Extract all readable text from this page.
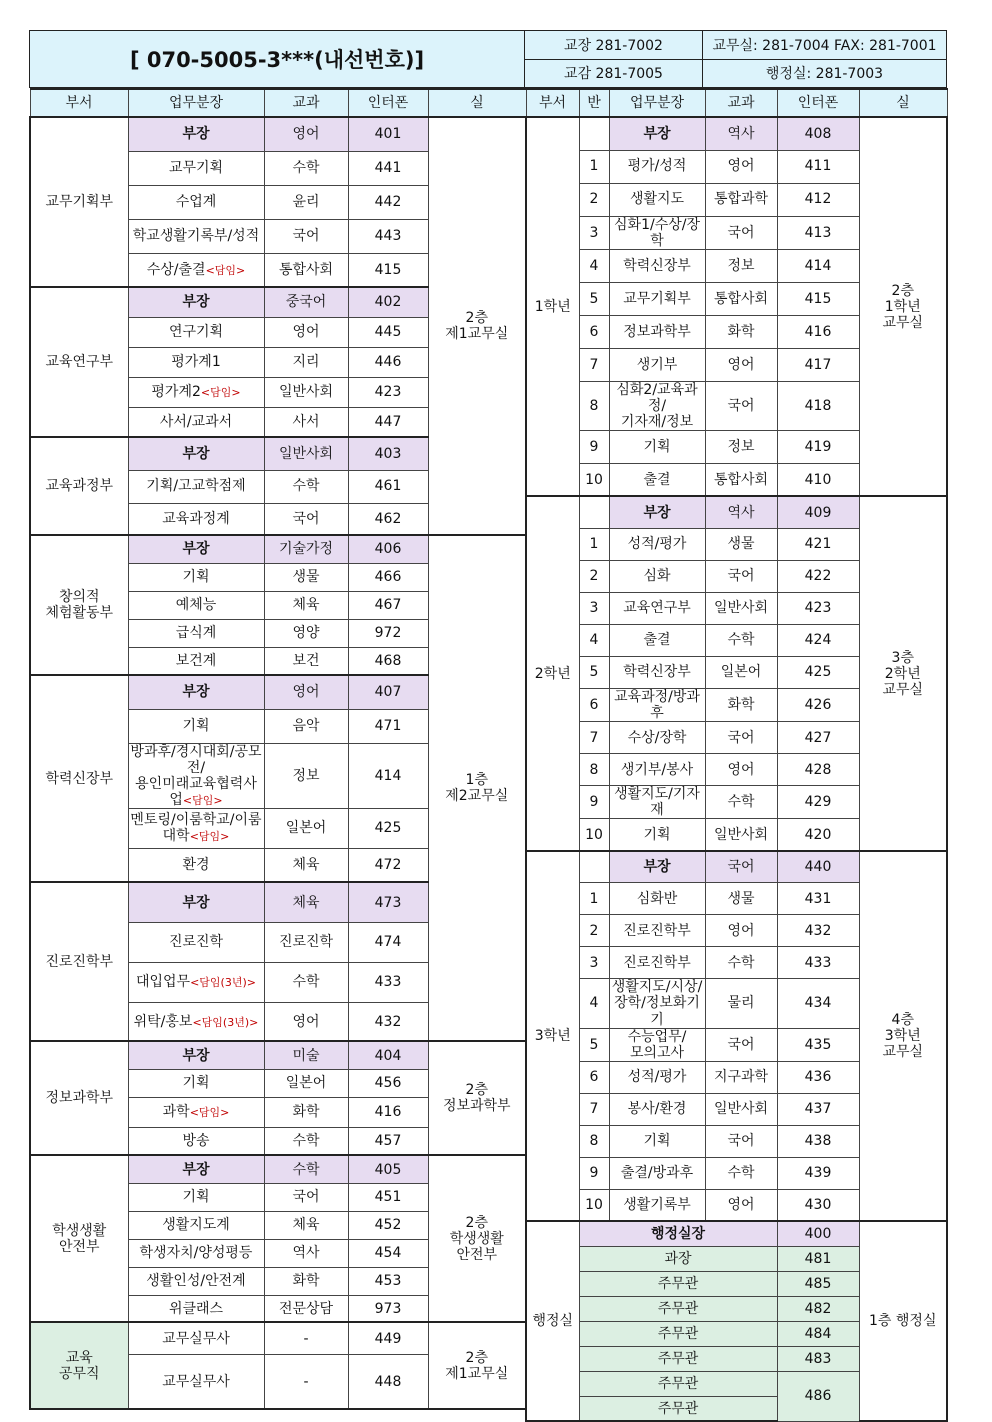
[ 070-5005-3***(내선번호)]	교장 281-7002	교무실: 281-7004 FAX: 281-7001
	교감 281-7005	행정실: 281-7003
부서	업무분장	교과	인터폰	실
교무기획부	부장	영어	401	2층
제1교무실
	교무기획	수학	441	
	수업계	윤리	442	
	학교생활기록부/성적	국어	443	
	수상/출결<담임>	통합사회	415	
교육연구부	부장	중국어	402	
	연구기획	영어	445	
	평가계1	지리	446	
	평가계2<담임>	일반사회	423	
	사서/교과서	사서	447	
교육과정부	부장	일반사회	403	
	기획/고교학점제	수학	461	
	교육과정계	국어	462	
창의적
체험활동부	부장	기술가정	406	1층
제2교무실
	기획	생물	466	
	예체능	체육	467	
	급식계	영양	972	
	보건계	보건	468	
학력신장부	부장	영어	407	
	기획	음악	471	
	방과후/경시대회/공모전/
용인미래교육협력사업<담임>	정보	414	
	멘토링/이룸학교/이룸
대학<담임>	일본어	425	
	환경	체육	472	
진로진학부	부장	체육	473	
	진로진학	진로진학	474	
	대입업무<담임(3년)>	수학	433	
	위탁/홍보<담임(3년)>	영어	432	
정보과학부	부장	미술	404	2층
정보과학부
	기획	일본어	456	
	과학<담임>	화학	416	
	방송	수학	457	
학생생활
안전부	부장	수학	405	2층
학생생활
안전부
	기획	국어	451	
	생활지도계	체육	452	
	학생자치/양성평등	역사	454	
	생활인성/안전계	화학	453	
	위클래스	전문상담	973	
교육
공무직	교무실무사	-	449	2층
제1교무실
	교무실무사	-	448	
부서	반	업무분장	교과	인터폰	실
1학년		부장	역사	408	2층
1학년
교무실
	1	평가/성적	영어	411	
	2	생활지도	통합과학	412	
	3	심화1/수상/장학	국어	413	
	4	학력신장부	정보	414	
	5	교무기획부	통합사회	415	
	6	정보과학부	화학	416	
	7	생기부	영어	417	
	8	심화2/교육과정/
기자재/정보	국어	418	
	9	기획	정보	419	
	10	출결	통합사회	410	
2학년		부장	역사	409	3층
2학년
교무실
	1	성적/평가	생물	421	
	2	심화	국어	422	
	3	교육연구부	일반사회	423	
	4	출결	수학	424	
	5	학력신장부	일본어	425	
	6	교육과정/방과후	화학	426	
	7	수상/장학	국어	427	
	8	생기부/봉사	영어	428	
	9	생활지도/기자재	수학	429	
	10	기획	일반사회	420	
3학년		부장	국어	440	4층
3학년
교무실
	1	심화반	생물	431	
	2	진로진학부	영어	432	
	3	진로진학부	수학	433	
	4	생활지도/시상/
장학/정보화기기	물리	434	
	5	수능업무/
모의고사	국어	435	
	6	성적/평가	지구과학	436	
	7	봉사/환경	일반사회	437	
	8	기획	국어	438	
	9	출결/방과후	수학	439	
	10	생활기록부	영어	430	
행정실	행정실장			400	1층 행정실
	과장			481	
	주무관			485	
	주무관			482	
	주무관			484	
	주무관			483	
	주무관			486	
	주무관				
